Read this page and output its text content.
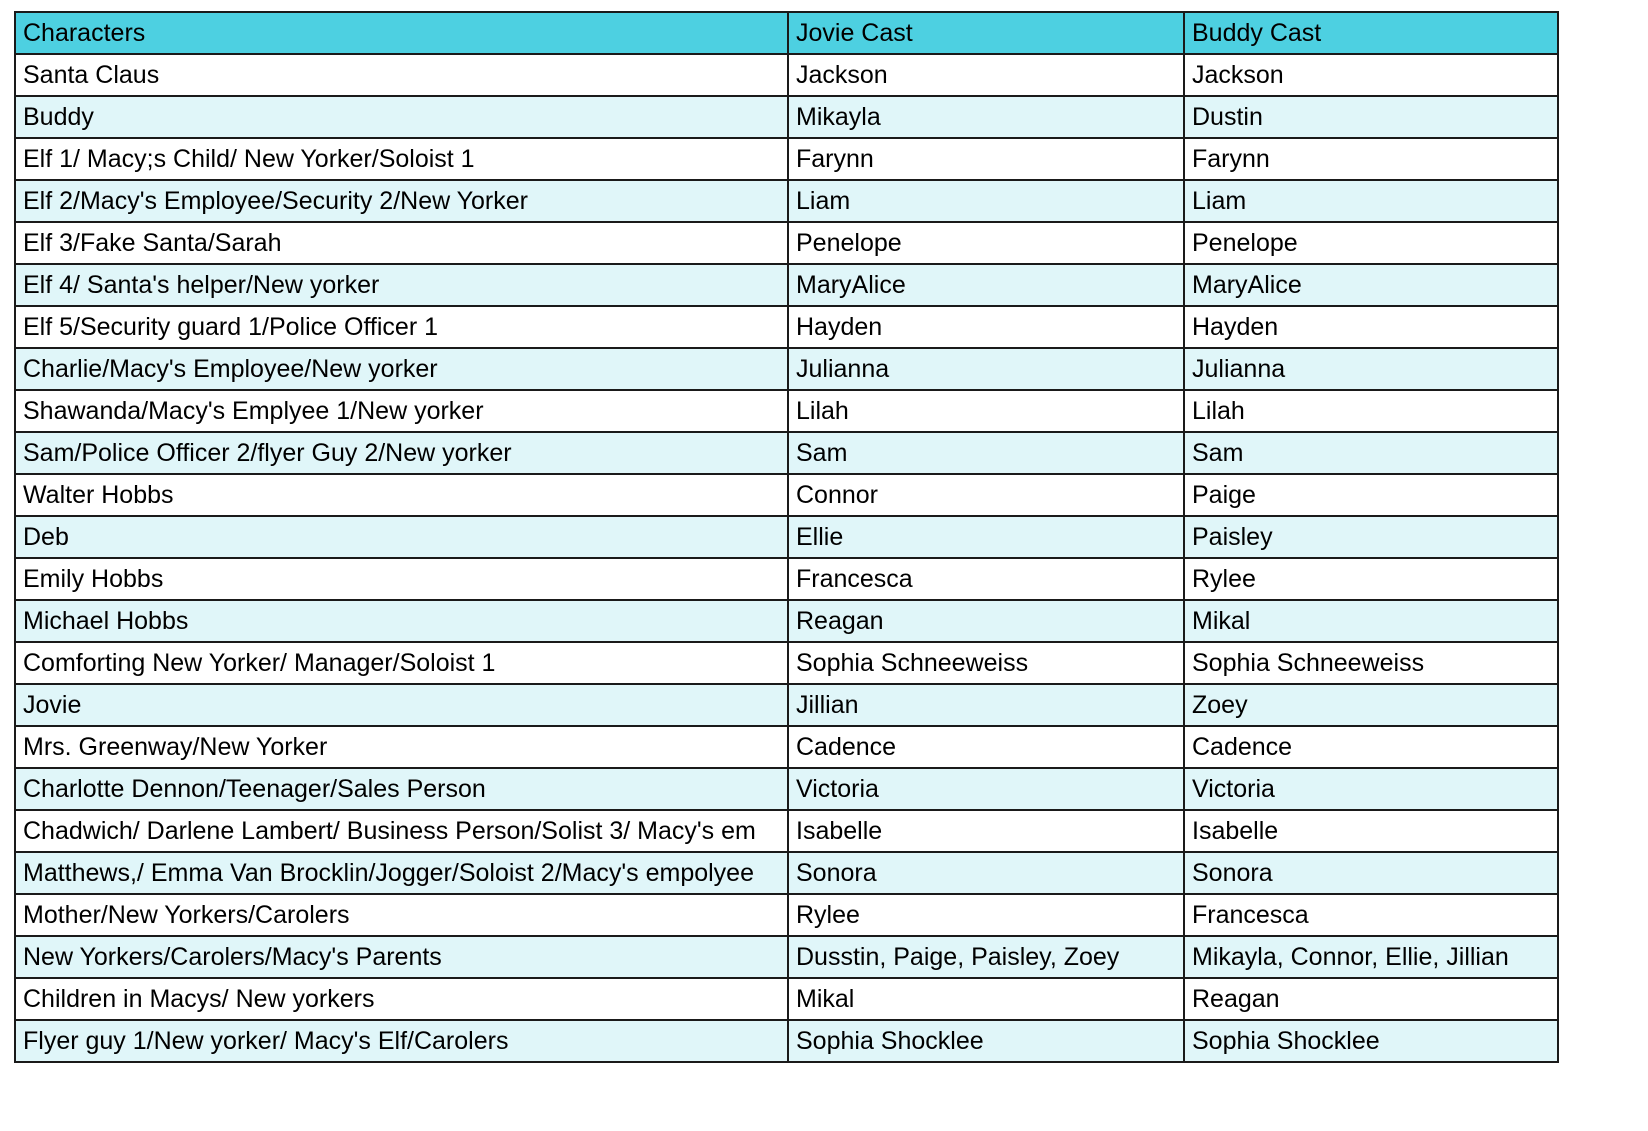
Characters	Jovie Cast	Buddy Cast
Santa Claus	Jackson	Jackson
Buddy	Mikayla	Dustin
Elf 1/ Macy;s Child/ New Yorker/Soloist 1	Farynn	Farynn
Elf 2/Macy's Employee/Security 2/New Yorker	Liam	Liam
Elf 3/Fake Santa/Sarah	Penelope	Penelope
Elf 4/ Santa's helper/New yorker	MaryAlice	MaryAlice
Elf 5/Security guard 1/Police Officer 1	Hayden	Hayden
Charlie/Macy's Employee/New yorker	Julianna	Julianna
Shawanda/Macy's Emplyee 1/New yorker	Lilah	Lilah
Sam/Police Officer 2/flyer Guy 2/New yorker	Sam	Sam
Walter Hobbs	Connor	Paige
Deb	Ellie	Paisley
Emily Hobbs	Francesca	Rylee
Michael Hobbs	Reagan	Mikal
Comforting New Yorker/ Manager/Soloist 1	Sophia Schneeweiss	Sophia Schneeweiss
Jovie	Jillian	Zoey
Mrs. Greenway/New Yorker	Cadence	Cadence
Charlotte Dennon/Teenager/Sales Person	Victoria	Victoria
Chadwich/ Darlene Lambert/ Business Person/Solist 3/ Macy's em	Isabelle	Isabelle
Matthews,/ Emma Van Brocklin/Jogger/Soloist 2/Macy's empolyee	Sonora	Sonora
Mother/New Yorkers/Carolers	Rylee	Francesca
New Yorkers/Carolers/Macy's Parents	Dusstin, Paige, Paisley, Zoey	Mikayla, Connor, Ellie, Jillian
Children in Macys/ New yorkers	Mikal	Reagan
Flyer guy 1/New yorker/ Macy's Elf/Carolers	Sophia Shocklee	Sophia Shocklee
